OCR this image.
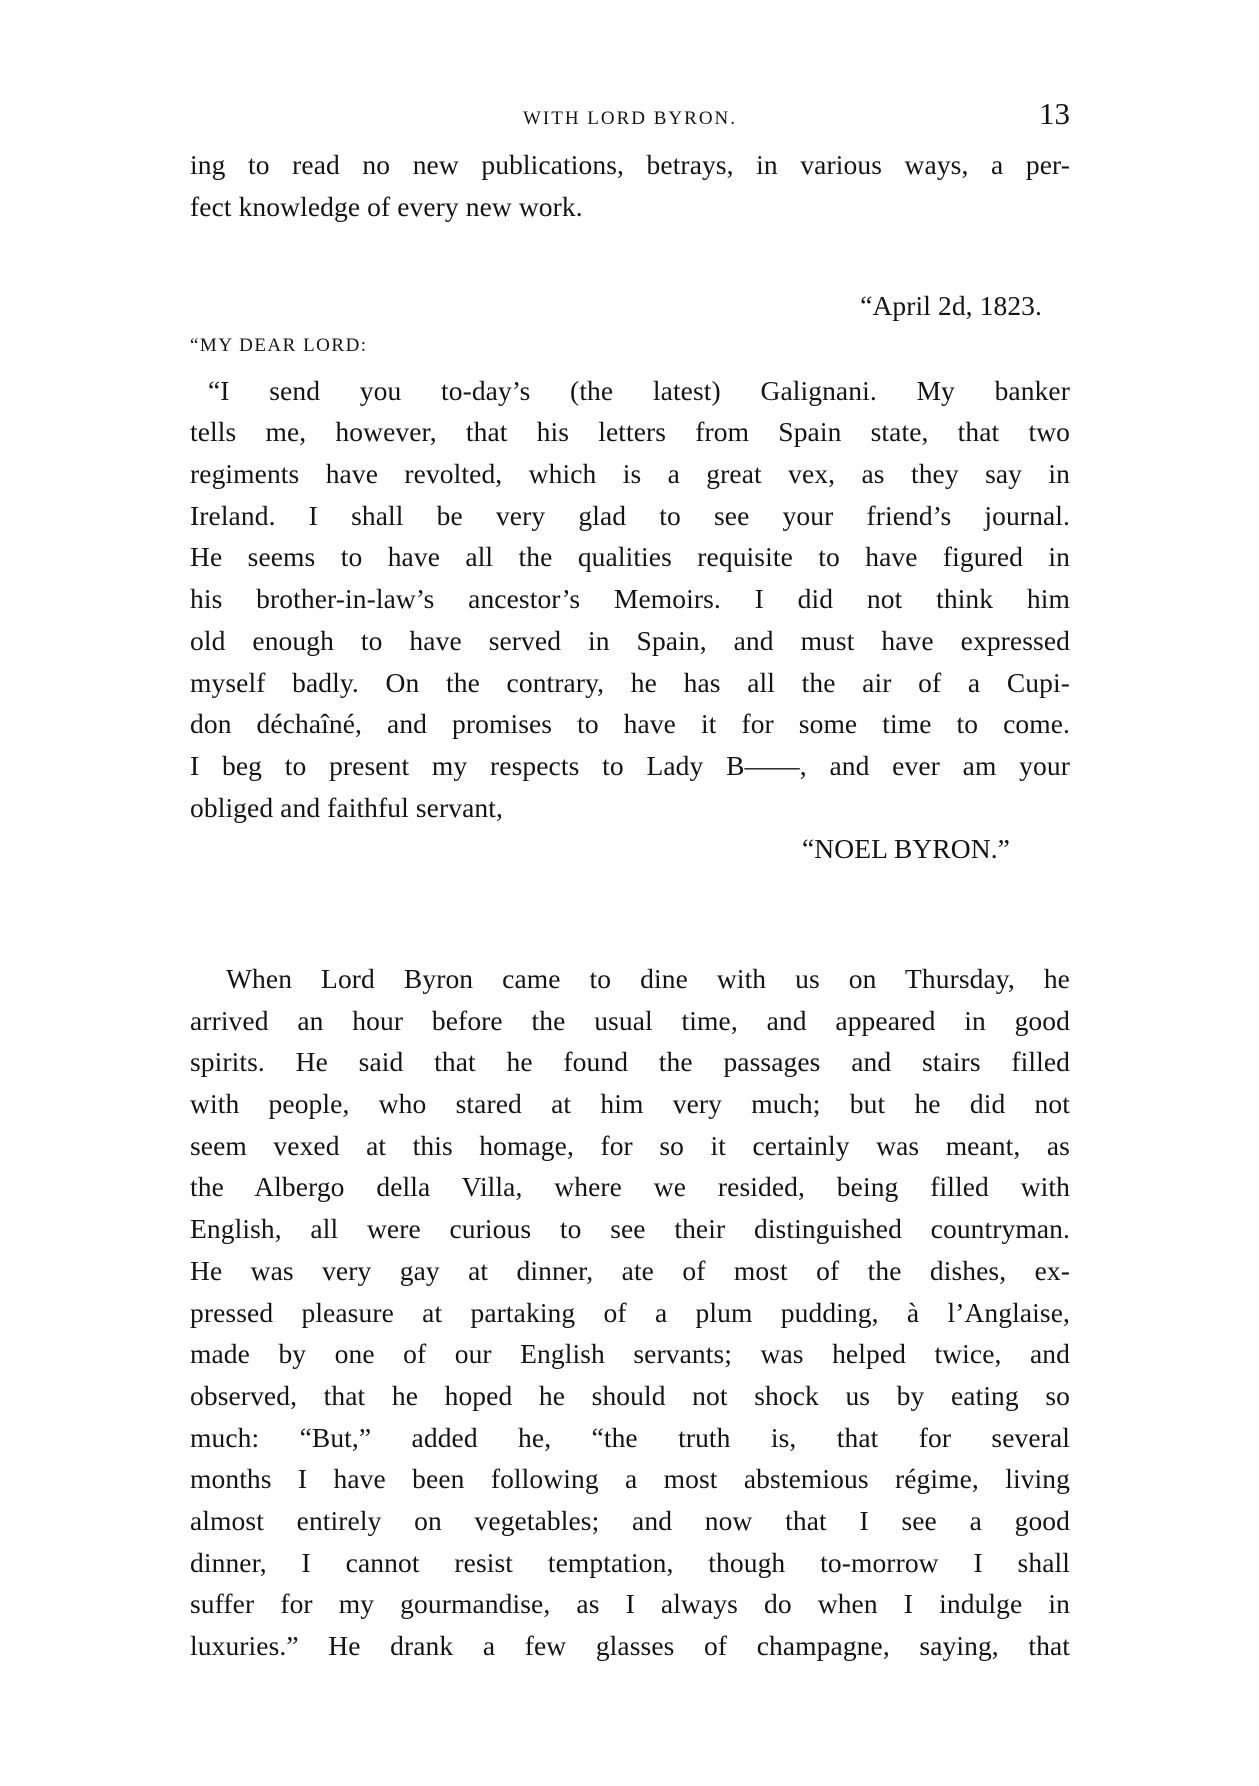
WITH LORD BYRON.	13
ing to read no new publications, betrays, in various ways, a per-
fect knowledge of every new work.
“April 2d, 1823.
“MY DEAR LORD:
“I send you to-day’s (the latest) Galignani. My banker
tells me, however, that his letters from Spain state, that two
regiments have revolted, which is a great vex, as they say in
Ireland. I shall be very glad to see your friend’s journal.
He seems to have all the qualities requisite to have figured in
his brother-in-law’s ancestor’s Memoirs. I did not think him
old enough to have served in Spain, and must have expressed
myself badly. On the contrary, he has all the air of a Cupi-
don déchaîné, and promises to have it for some time to come.
I beg to present my respects to Lady B——, and ever am your
obliged and faithful servant,
“NOEL BYRON.”
When Lord Byron came to dine with us on Thursday, he
arrived an hour before the usual time, and appeared in good
spirits. He said that he found the passages and stairs filled
with people, who stared at him very much; but he did not
seem vexed at this homage, for so it certainly was meant, as
the Albergo della Villa, where we resided, being filled with
English, all were curious to see their distinguished countryman.
He was very gay at dinner, ate of most of the dishes, ex-
pressed pleasure at partaking of a plum pudding, à l’Anglaise,
made by one of our English servants; was helped twice, and
observed, that he hoped he should not shock us by eating so
much: “But,” added he, “the truth is, that for several
months I have been following a most abstemious régime, living
almost entirely on vegetables; and now that I see a good
dinner, I cannot resist temptation, though to-morrow I shall
suffer for my gourmandise, as I always do when I indulge in
luxuries.” He drank a few glasses of champagne, saying, that
